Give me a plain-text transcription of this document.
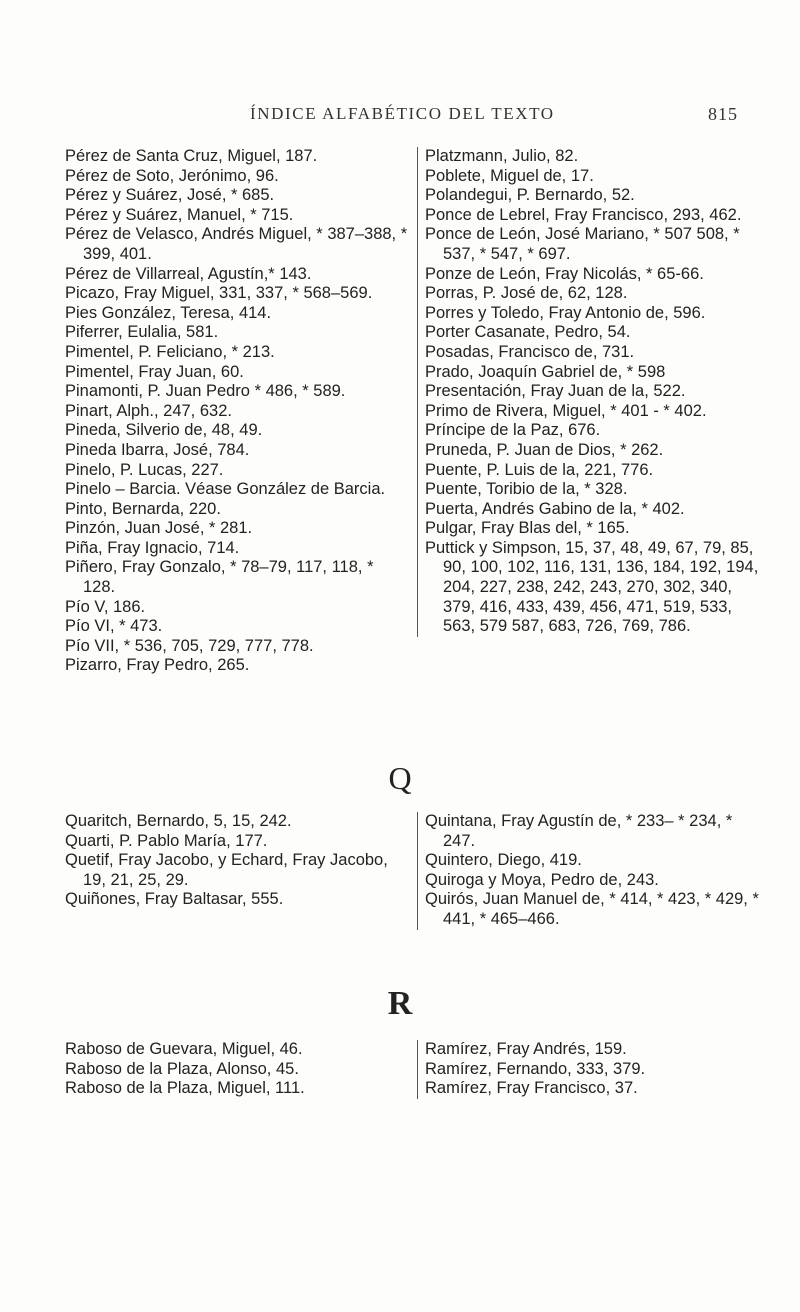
ÍNDICE ALFABÉTICO DEL TEXTO	815

Pérez de Santa Cruz, Miguel, 187.

Pérez de Soto, Jerónimo, 96.

Pérez y Suárez, José, * 685.

Pérez y Suárez, Manuel, * 715.

Pérez de Velasco, Andrés Miguel, * 387–388, * 399, 401.

Pérez de Villarreal, Agustín,* 143.

Picazo, Fray Miguel, 331, 337, * 568–569.

Pies González, Teresa, 414.

Piferrer, Eulalia, 581.

Pimentel, P. Feliciano, * 213.

Pimentel, Fray Juan, 60.

Pinamonti, P. Juan Pedro * 486, * 589.

Pinart, Alph., 247, 632.

Pineda, Silverio de, 48, 49.

Pineda Ibarra, José, 784.

Pinelo, P. Lucas, 227.

Pinelo – Barcia. Véase González de Barcia.

Pinto, Bernarda, 220.

Pinzón, Juan José, * 281.

Piña, Fray Ignacio, 714.

Piñero, Fray Gonzalo, * 78–79, 117, 118, * 128.

Pío V, 186.

Pío VI, * 473.

Pío VII, * 536, 705, 729, 777, 778.

Pizarro, Fray Pedro, 265.

Platzmann, Julio, 82.

Poblete, Miguel de, 17.

Polandegui, P. Bernardo, 52.

Ponce de Lebrel, Fray Francisco, 293, 462.

Ponce de León, José Mariano, * 507 508, * 537, * 547, * 697.

Ponze de León, Fray Nicolás, * 65-66.

Porras, P. José de, 62, 128.

Porres y Toledo, Fray Antonio de, 596.

Porter Casanate, Pedro, 54.

Posadas, Francisco de, 731.

Prado, Joaquín Gabriel de, * 598

Presentación, Fray Juan de la, 522.

Primo de Rivera, Miguel, * 401 - * 402.

Príncipe de la Paz, 676.

Pruneda, P. Juan de Dios, * 262.

Puente, P. Luis de la, 221, 776.

Puente, Toribio de la, * 328.

Puerta, Andrés Gabino de la, * 402.

Pulgar, Fray Blas del, * 165.

Puttick y Simpson, 15, 37, 48, 49, 67, 79, 85, 90, 100, 102, 116, 131, 136, 184, 192, 194, 204, 227, 238, 242, 243, 270, 302, 340, 379, 416, 433, 439, 456, 471, 519, 533, 563, 579 587, 683, 726, 769, 786.

Q

Quaritch, Bernardo, 5, 15, 242.

Quarti, P. Pablo María, 177.

Quetif, Fray Jacobo, y Echard, Fray Jacobo, 19, 21, 25, 29.

Quiñones, Fray Baltasar, 555.

Quintana, Fray Agustín de, * 233– * 234, * 247.

Quintero, Diego, 419.

Quiroga y Moya, Pedro de, 243.

Quirós, Juan Manuel de, * 414, * 423, * 429, * 441, * 465–466.

R

Raboso de Guevara, Miguel, 46.

Raboso de la Plaza, Alonso, 45.

Raboso de la Plaza, Miguel, 111.

Ramírez, Fray Andrés, 159.

Ramírez, Fernando, 333, 379.

Ramírez, Fray Francisco, 37.
